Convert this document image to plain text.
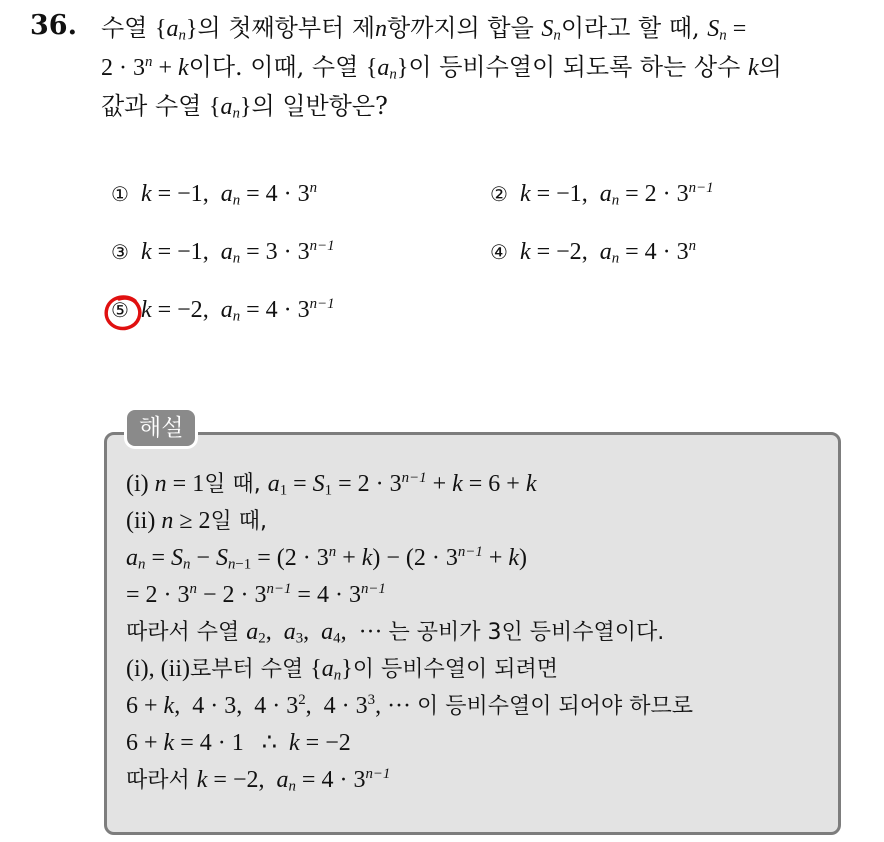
36. 수열 $\{a_n\}$의 첫째항부터 제n항까지의 합을 $S_n$이라고 할 때, $S_n$ =
$2 \cdot 3^n + k$이다. 이때, 수열 $\{a_n\}$이 등비수열이 되도록 하는 상수 k의
값과 수열 $\{a_n\}$의 일반항은?
① k = −1,  $a_n = 4 \cdot 3^n$	② k = −1,  $a_n = 2 \cdot 3^{n-1}$
③ k = −1,  $a_n = 3 \cdot 3^{n-1}$	④ k = −2,  $a_n = 4 \cdot 3^n$
⑤ k = −2,  $a_n = 4 \cdot 3^{n-1}$
해설
(i) n = 1일 때, $a_1 = S_1 = 2 \cdot 3^{n-1} + k = 6 + k$
(ii) n ≥ 2일 때,
$a_n = S_n - S_{n-1} = (2 \cdot 3^n + k) - (2 \cdot 3^{n-1} + k)$
= $2 \cdot 3^n - 2 \cdot 3^{n-1} = 4 \cdot 3^{n-1}$
따라서 수열 $a_2$,  $a_3$,  $a_4$,  ··· 는 공비가 3인 등비수열이다.
(i), (ii)로부터 수열 $\{a_n\}$이 등비수열이 되려면
6 + k,  4 · 3,  $4 \cdot 3^2$,  $4 \cdot 3^3$, ··· 이 등비수열이 되어야 하므로
6 + k = 4 · 1   ∴  k = −2
따라서 k = −2,  $a_n = 4 \cdot 3^{n-1}$
